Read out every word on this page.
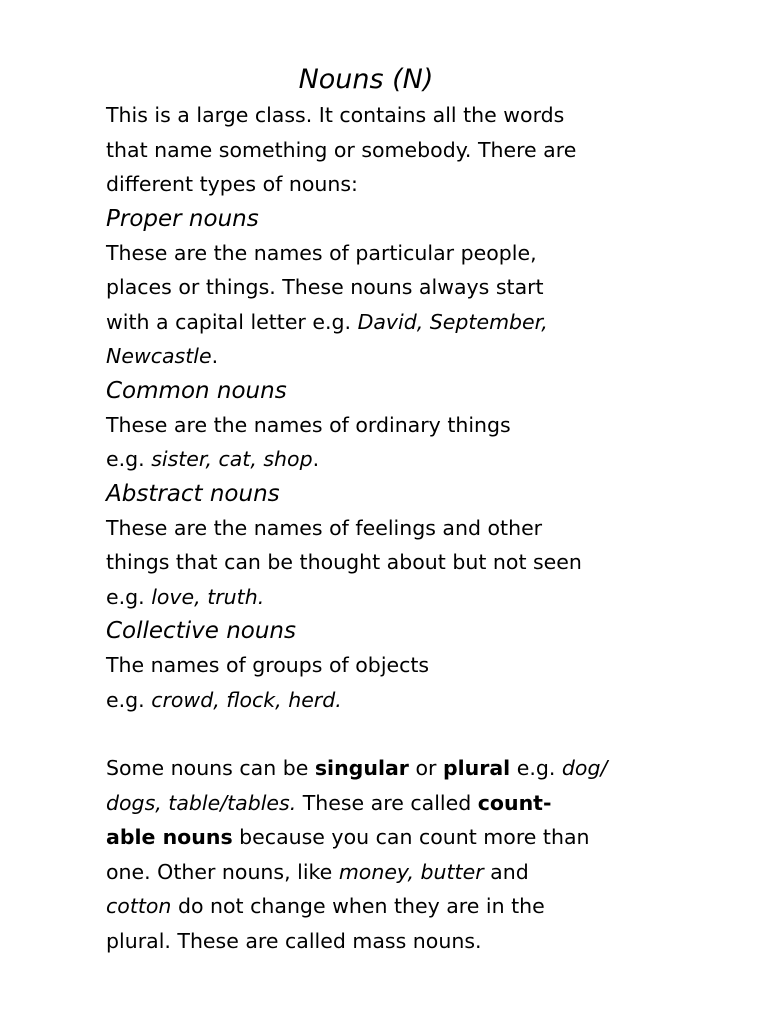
Nouns (N)

This is a large class. It contains all the words

that name something or somebody. There are

different types of nouns:

Proper nouns

These are the names of particular people,

places or things. These nouns always start

with a capital letter e.g. David, September,

Newcastle.

Common nouns

These are the names of ordinary things

e.g. sister, cat, shop.

Abstract nouns

These are the names of feelings and other

things that can be thought about but not seen

e.g. love, truth.

Collective nouns

The names of groups of objects

e.g. crowd, flock, herd.

Some nouns can be singular or plural e.g. dog/

dogs, table/tables. These are called count-

able nouns because you can count more than

one. Other nouns, like money, butter and

cotton do not change when they are in the

plural. These are called mass nouns.
